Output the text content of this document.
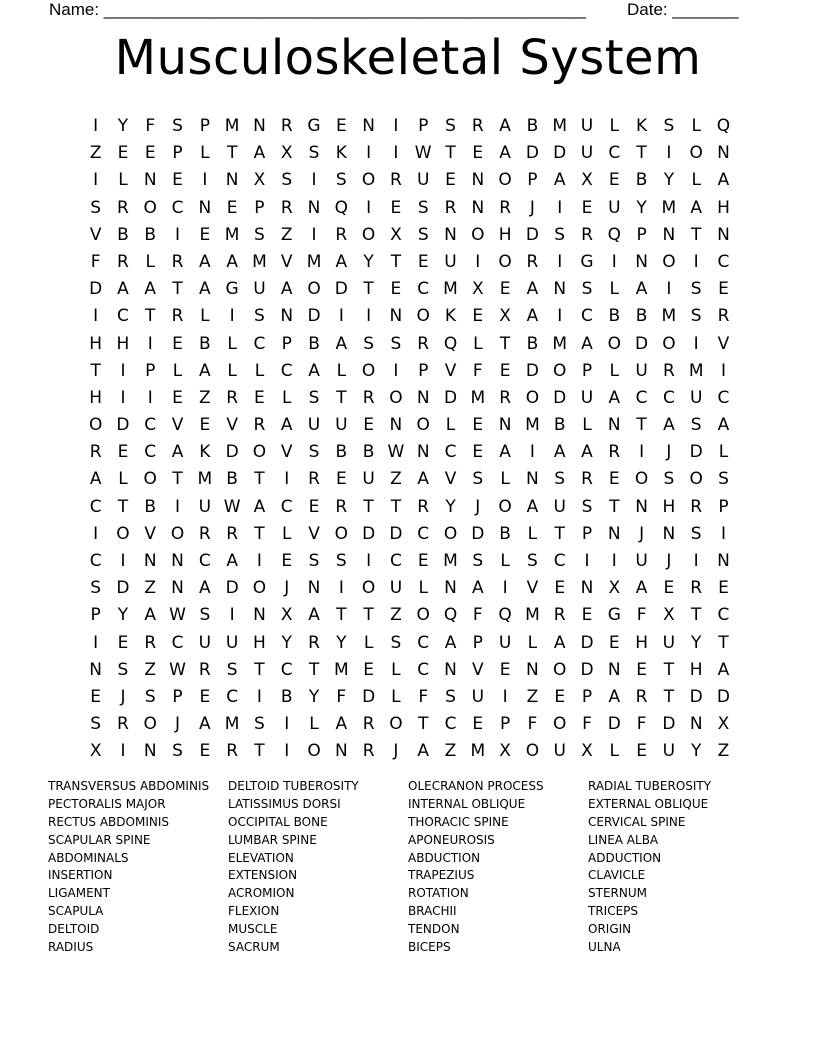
Name: ___________________________________________________ Date: _______
Musculoskeletal System
I	Y	F	S P M N R G E N	I	P S R A B M U L K S	L Q
Z E E P	L	T A X S K	I	I W T E A D D U C T	I	O N
I	L N E	I	N X S	I	S O R U E N O P A X E B Y	L A
S R O C N E P R N Q	I	E S R N R	J	I	E U Y M A H
V B B	I	E M S Z	I	R O X S N O H D S R Q P N T N
F R L R A A M V M A Y T E U	I	O R	I	G	I	N O	I	C
D A A T A G U A O D T E C M X E A N S	L A	I	S E
I	C T R L	I	S N D	I	I	N O K E X A	I	C B B M S R
H H	I	E B L C P B A S S R Q L	T B M A O D O	I	V
T	I	P	L A L	L C A L O	I	P V F	E D O P	L U R M	I
H	I	I	E Z R E	L	S T R O N D M R O D U A C C U C
O D C V E V R A U U E N O L	E N M B L N T A S A
R E C A K D O V S B B W N C E A	I	A A R	I	J	D L
A L O T M B T	I	R E U Z A V S	L N S R E O S O S
C T B	I	U W A C E R T T R Y	J	O A U S T N H R P
I	O V O R R T	L V O D D C O D B L	T P N	J	N S	I
C	I	N N C A	I	E S S	I	C E M S	L	S C	I	I	U	J	I	N
S D Z N A D O	J	N	I	O U L N A	I	V E N X A E R E
P Y A W S	I	N X A T T Z O Q F Q M R E G F X T C
I	E R C U U H Y R Y	L	S C A P U L A D E H U Y T
N S Z W R S T C T M E	L C N V E N O D N E T H A
E	J	S P E C	I	B Y	F D L	F	S U	I	Z E P A R T D D
S R O	J	A M S	I	L A R O T C E P	F O F D F D N X
X	I	N S E R T	I	O N R	J	A Z M X O U X L	E U Y Z
TRANSVERSUS ABDOMINIS	DELTOID TUBEROSITY	OLECRANON PROCESS	RADIAL TUBEROSITY
PECTORALIS MAJOR	LATISSIMUS DORSI	INTERNAL OBLIQUE	EXTERNAL OBLIQUE
RECTUS ABDOMINIS	OCCIPITAL BONE	THORACIC SPINE	CERVICAL SPINE
SCAPULAR SPINE	LUMBAR SPINE	APONEUROSIS	LINEA ALBA
ABDOMINALS	ELEVATION	ABDUCTION	ADDUCTION
INSERTION	EXTENSION	TRAPEZIUS	CLAVICLE
LIGAMENT	ACROMION	ROTATION	STERNUM
SCAPULA	FLEXION	BRACHII	TRICEPS
DELTOID	MUSCLE	TENDON	ORIGIN
RADIUS	SACRUM	BICEPS	ULNA
